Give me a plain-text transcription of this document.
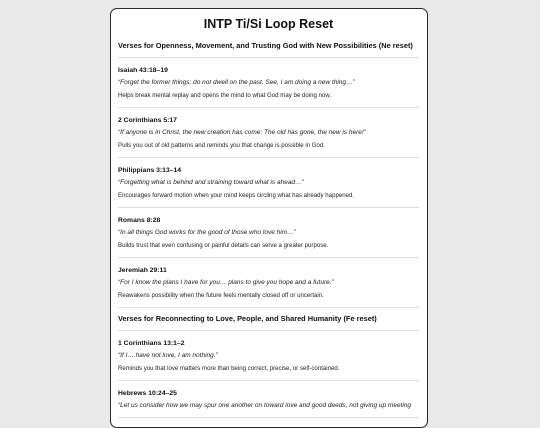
INTP Ti/Si Loop Reset
Verses for Openness, Movement, and Trusting God with New Possibilities (Ne reset)
Isaiah 43:18–19
“Forget the former things; do not dwell on the past. See, I am doing a new thing…”
Helps break mental replay and opens the mind to what God may be doing now.
2 Corinthians 5:17
“If anyone is in Christ, the new creation has come: The old has gone, the new is here!”
Pulls you out of old patterns and reminds you that change is possible in God.
Philippians 3:13–14
“Forgetting what is behind and straining toward what is ahead…”
Encourages forward motion when your mind keeps circling what has already happened.
Romans 8:28
“In all things God works for the good of those who love him…”
Builds trust that even confusing or painful details can serve a greater purpose.
Jeremiah 29:11
“For I know the plans I have for you… plans to give you hope and a future.”
Reawakens possibility when the future feels mentally closed off or uncertain.
Verses for Reconnecting to Love, People, and Shared Humanity (Fe reset)
1 Corinthians 13:1–2
“If I… have not love, I am nothing.”
Reminds you that love matters more than being correct, precise, or self-contained.
Hebrews 10:24–25
“Let us consider how we may spur one another on toward love and good deeds, not giving up meeting
